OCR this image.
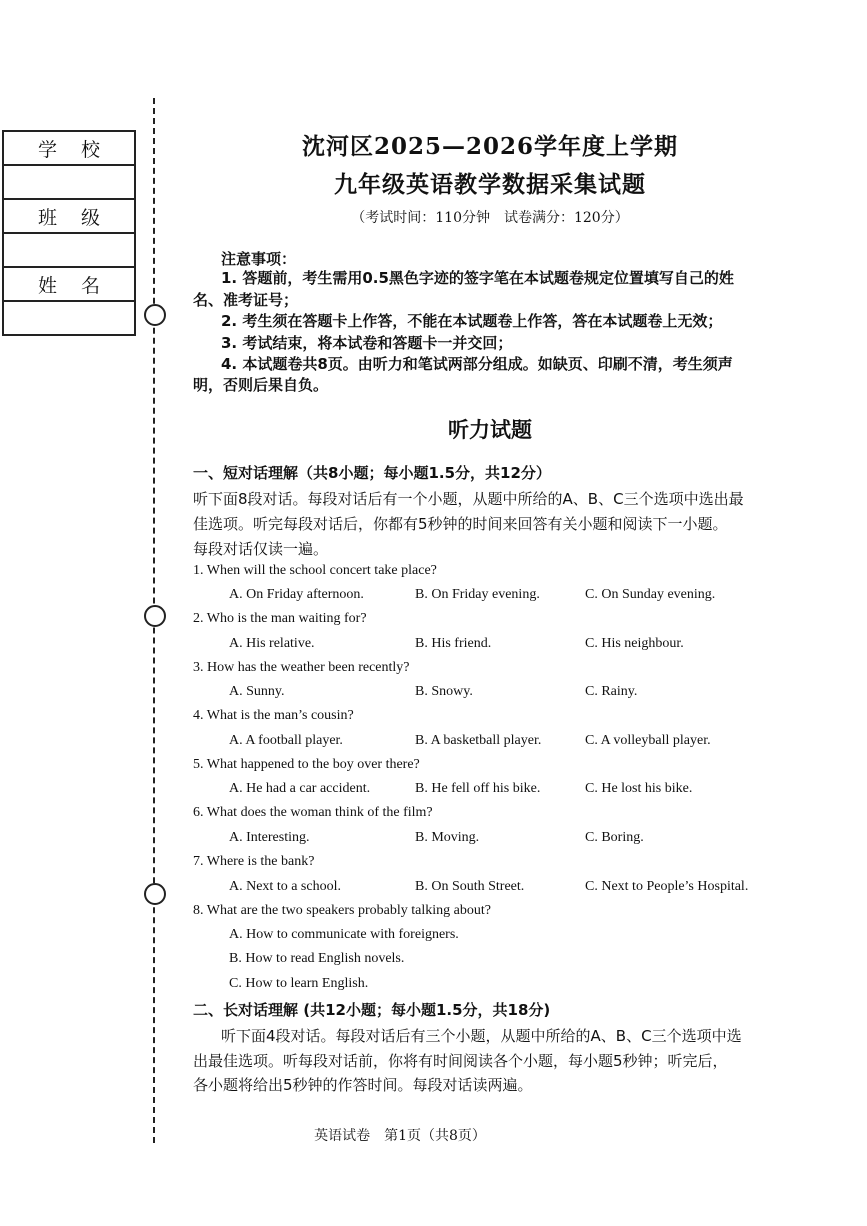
学 校
班 级
姓 名
沈河区2025—2026学年度上学期
九年级英语教学数据采集试题
（考试时间：110分钟　试卷满分：120分）
注意事项：
1. 答题前，考生需用0.5黑色字迹的签字笔在本试题卷规定位置填写自己的姓
名、准考证号；
2. 考生须在答题卡上作答，不能在本试题卷上作答，答在本试题卷上无效；
3. 考试结束，将本试卷和答题卡一并交回；
4. 本试题卷共8页。由听力和笔试两部分组成。如缺页、印刷不清，考生须声
明，否则后果自负。
听力试题
一、短对话理解（共8小题；每小题1.5分，共12分）
听下面8段对话。每段对话后有一个小题，从题中所给的A、B、C三个选项中选出最
佳选项。听完每段对话后，你都有5秒钟的时间来回答有关小题和阅读下一小题。
每段对话仅读一遍。
1. When will the school concert take place?
A. On Friday afternoon.	B. On Friday evening.	C. On Sunday evening.
2. Who is the man waiting for?
A. His relative.	B. His friend.	C. His neighbour.
3. How has the weather been recently?
A. Sunny.	B. Snowy.	C. Rainy.
4. What is the man’s cousin?
A. A football player.	B. A basketball player.	C. A volleyball player.
5. What happened to the boy over there?
A. He had a car accident.	B. He fell off his bike.	C. He lost his bike.
6. What does the woman think of the film?
A. Interesting.	B. Moving.	C. Boring.
7. Where is the bank?
A. Next to a school.	B. On South Street.	C. Next to People’s Hospital.
8. What are the two speakers probably talking about?
A. How to communicate with foreigners.
B. How to read English novels.
C. How to learn English.
二、长对话理解 (共12小题；每小题1.5分，共18分)
听下面4段对话。每段对话后有三个小题，从题中所给的A、B、C三个选项中选
出最佳选项。听每段对话前，你将有时间阅读各个小题，每小题5秒钟；听完后，
各小题将给出5秒钟的作答时间。每段对话读两遍。
英语试卷　第1页（共8页）
